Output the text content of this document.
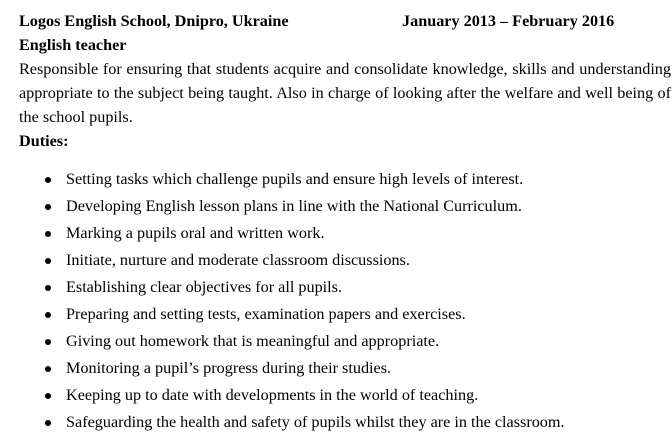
Logos English School, Dnipro, Ukraine	January 2013 – February 2016
English teacher

Responsible for ensuring that students acquire and consolidate knowledge, skills and understanding appropriate to the subject being taught. Also in charge of looking after the welfare and well being of the school pupils.

Duties:
Setting tasks which challenge pupils and ensure high levels of interest.
Developing English lesson plans in line with the National Curriculum.
Marking a pupils oral and written work.
Initiate, nurture and moderate classroom discussions.
Establishing clear objectives for all pupils.
Preparing and setting tests, examination papers and exercises.
Giving out homework that is meaningful and appropriate.
Monitoring a pupil’s progress during their studies.
Keeping up to date with developments in the world of teaching.
Safeguarding the health and safety of pupils whilst they are in the classroom.
